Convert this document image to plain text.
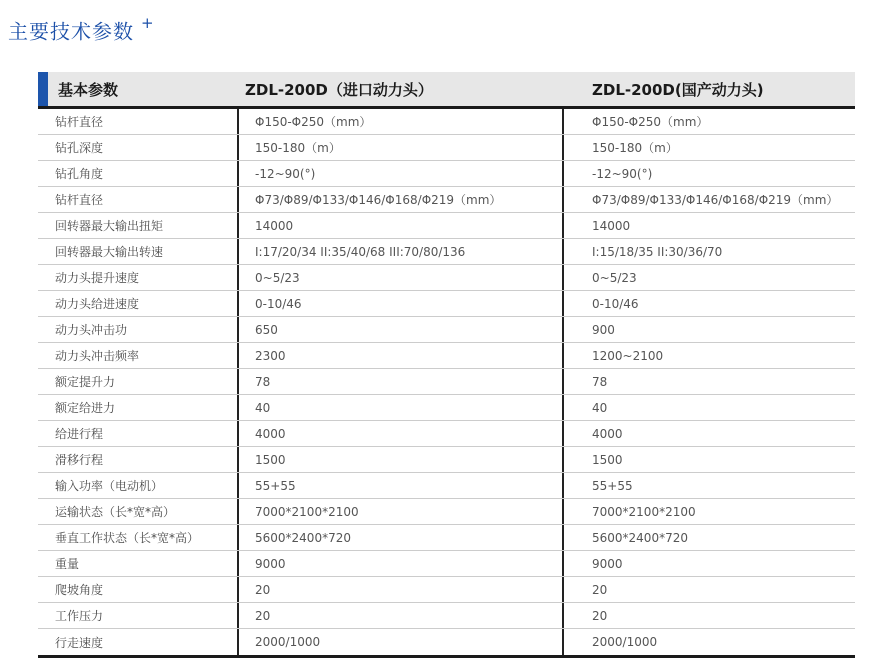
主要技术参数 +
基本参数	ZDL-200D（进口动力头）	ZDL-200D(国产动力头)
钻杆直径	Φ150-Φ250（mm）	Φ150-Φ250（mm）
钻孔深度	150-180（m）	150-180（m）
钻孔角度	-12~90(°)	-12~90(°)
钻杆直径	Φ73/Φ89/Φ133/Φ146/Φ168/Φ219（mm）	Φ73/Φ89/Φ133/Φ146/Φ168/Φ219（mm）
回转器最大输出扭矩	14000	14000
回转器最大输出转速	I:17/20/34 II:35/40/68 III:70/80/136	I:15/18/35 II:30/36/70
动力头提升速度	0~5/23	0~5/23
动力头给进速度	0-10/46	0-10/46
动力头冲击功	650	900
动力头冲击频率	2300	1200~2100
额定提升力	78	78
额定给进力	40	40
给进行程	4000	4000
滑移行程	1500	1500
输入功率（电动机）	55+55	55+55
运输状态（长*宽*高）	7000*2100*2100	7000*2100*2100
垂直工作状态（长*宽*高）	5600*2400*720	5600*2400*720
重量	9000	9000
爬坡角度	20	20
工作压力	20	20
行走速度	2000/1000	2000/1000
